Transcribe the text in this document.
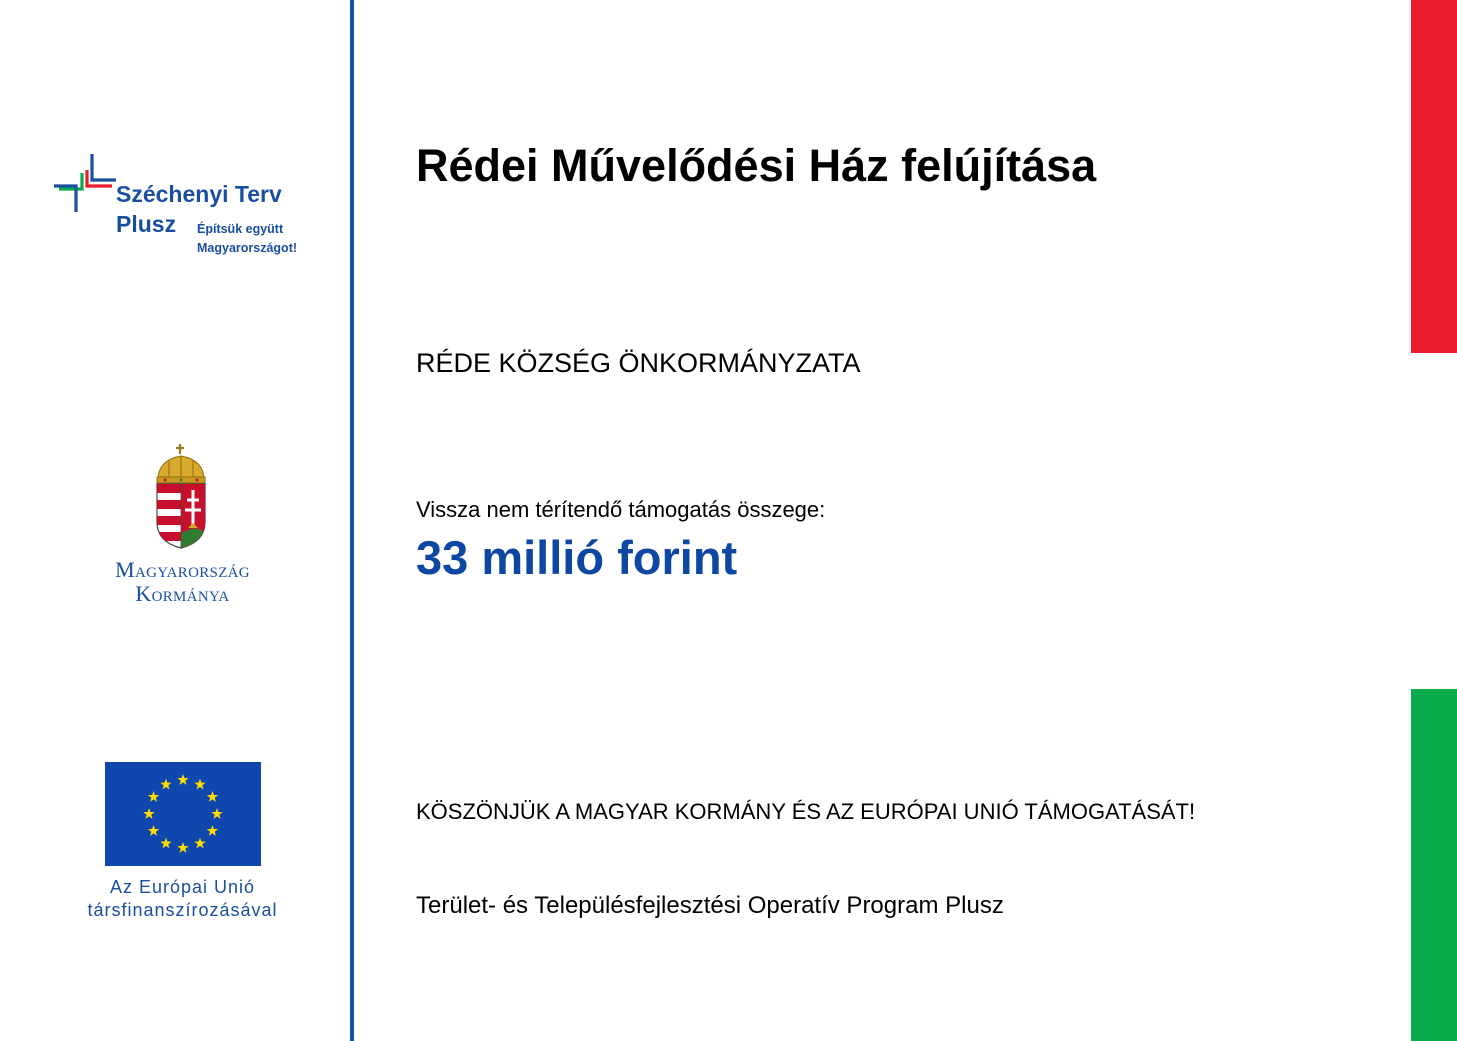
Széchenyi Terv
Plusz Építsük együtt
Magyarországot!
Magyarország
Kormánya
Az Európai Unió
társfinanszírozásával
Rédei Művelődési Ház felújítása
RÉDE KÖZSÉG ÖNKORMÁNYZATA
Vissza nem térítendő támogatás összege:
33 millió forint
KÖSZÖNJÜK A MAGYAR KORMÁNY ÉS AZ EURÓPAI UNIÓ TÁMOGATÁSÁT!
Terület- és Településfejlesztési Operatív Program Plusz
